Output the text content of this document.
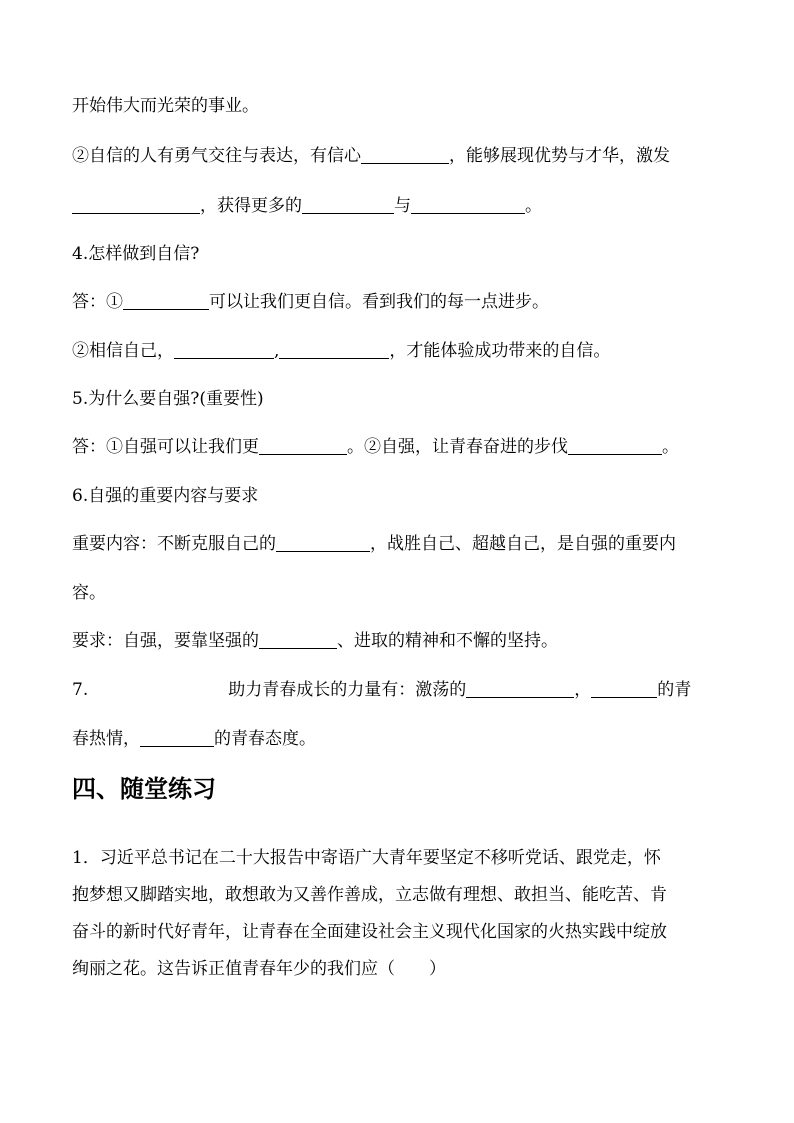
开始伟大而光荣的事业。
②自信的人有勇气交往与表达，有信心	，能够展现优势与才华，激发
，获得更多的	与	。
4.怎样做到自信?
答：①	可以让我们更自信。看到我们的每一点进步。
②相信自己，	,	，才能体验成功带来的自信。
5.为什么要自强?(重要性)
答：①自强可以让我们更	。②自强，让青春奋进的步伐	。
6.自强的重要内容与要求
重要内容：不断克服自己的	，战胜自己、超越自己，是自强的重要内
容。
要求：自强，要靠坚强的	、进取的精神和不懈的坚持。
7.	助力青春成长的力量有：激荡的	，	的青
春热情，	的青春态度。
四、随堂练习
1．习近平总书记在二十大报告中寄语广大青年要坚定不移听党话、跟党走，怀
抱梦想又脚踏实地，敢想敢为又善作善成，立志做有理想、敢担当、能吃苦、肯
奋斗的新时代好青年，让青春在全面建设社会主义现代化国家的火热实践中绽放
绚丽之花。这告诉正值青春年少的我们应（　　）
